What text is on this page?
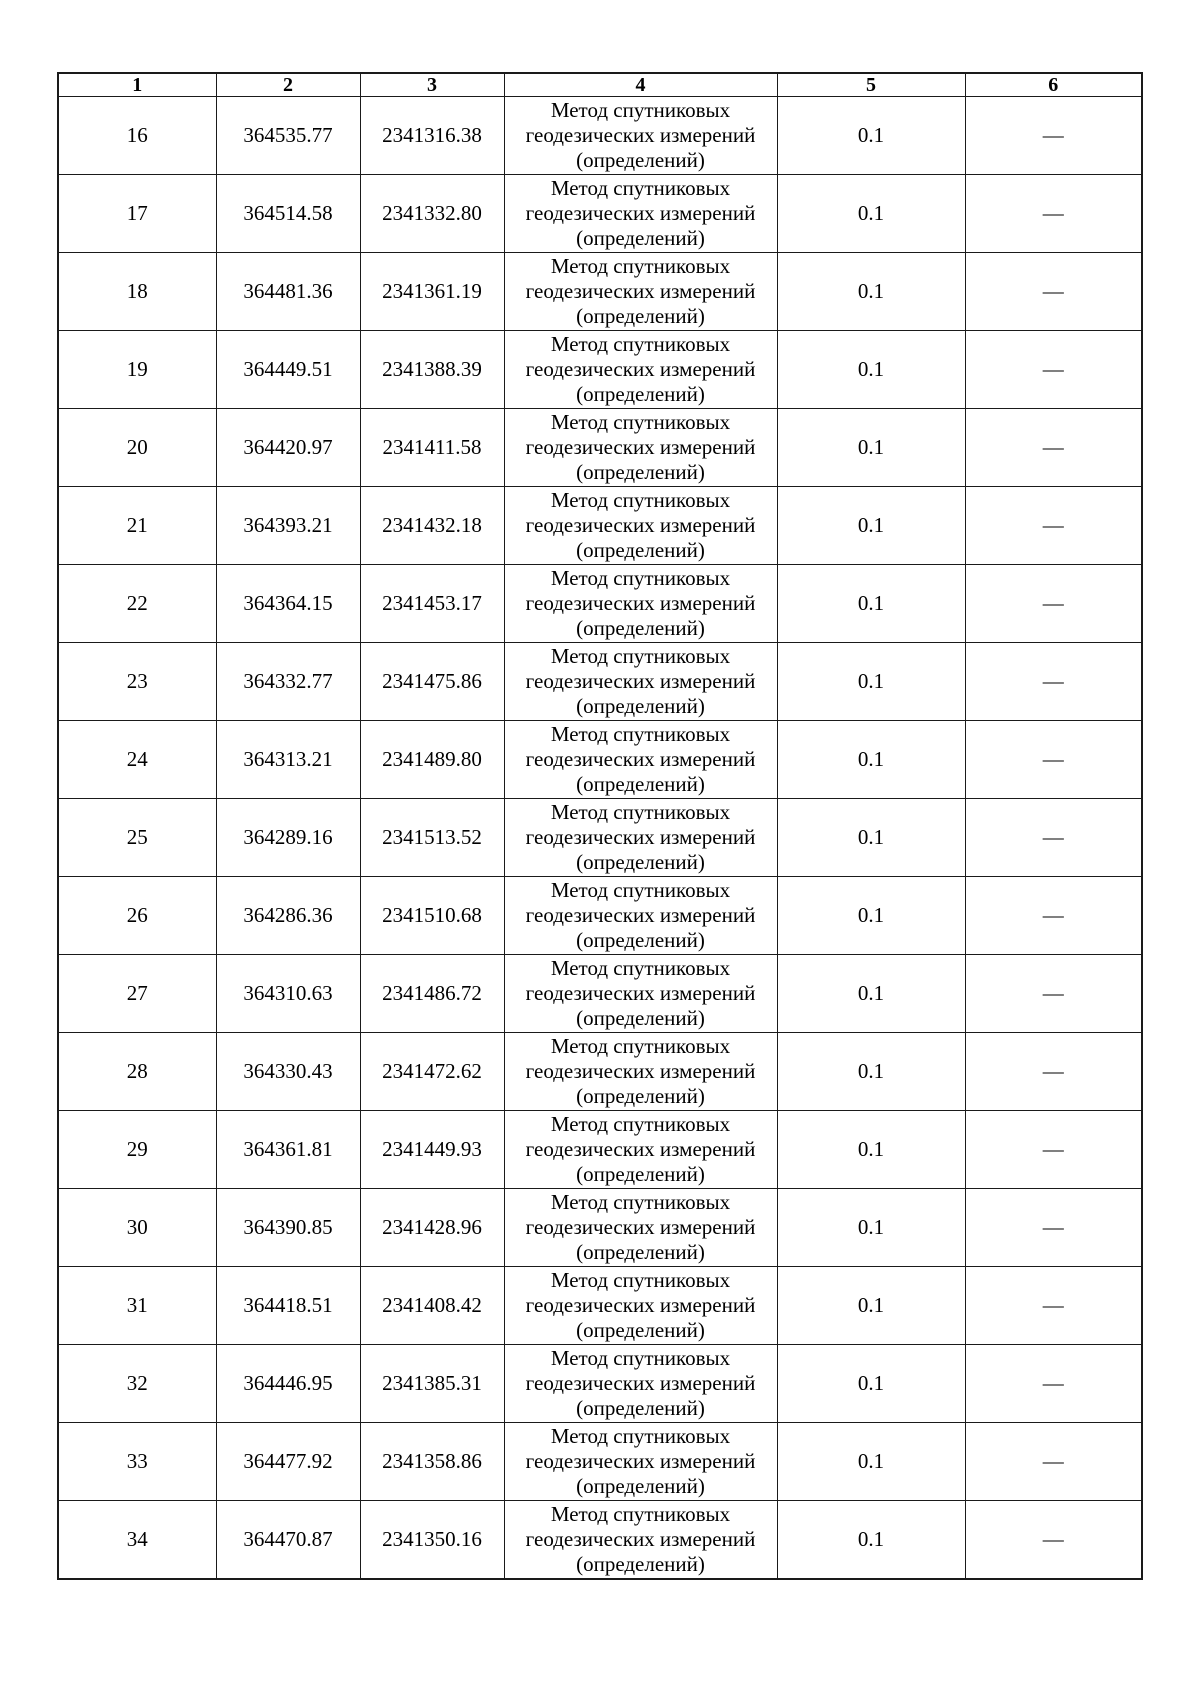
1	2	3	4	5	6
16	364535.77	2341316.38	Метод спутниковых
геодезических измерений
(определений)	0.1	—
17	364514.58	2341332.80	Метод спутниковых
геодезических измерений
(определений)	0.1	—
18	364481.36	2341361.19	Метод спутниковых
геодезических измерений
(определений)	0.1	—
19	364449.51	2341388.39	Метод спутниковых
геодезических измерений
(определений)	0.1	—
20	364420.97	2341411.58	Метод спутниковых
геодезических измерений
(определений)	0.1	—
21	364393.21	2341432.18	Метод спутниковых
геодезических измерений
(определений)	0.1	—
22	364364.15	2341453.17	Метод спутниковых
геодезических измерений
(определений)	0.1	—
23	364332.77	2341475.86	Метод спутниковых
геодезических измерений
(определений)	0.1	—
24	364313.21	2341489.80	Метод спутниковых
геодезических измерений
(определений)	0.1	—
25	364289.16	2341513.52	Метод спутниковых
геодезических измерений
(определений)	0.1	—
26	364286.36	2341510.68	Метод спутниковых
геодезических измерений
(определений)	0.1	—
27	364310.63	2341486.72	Метод спутниковых
геодезических измерений
(определений)	0.1	—
28	364330.43	2341472.62	Метод спутниковых
геодезических измерений
(определений)	0.1	—
29	364361.81	2341449.93	Метод спутниковых
геодезических измерений
(определений)	0.1	—
30	364390.85	2341428.96	Метод спутниковых
геодезических измерений
(определений)	0.1	—
31	364418.51	2341408.42	Метод спутниковых
геодезических измерений
(определений)	0.1	—
32	364446.95	2341385.31	Метод спутниковых
геодезических измерений
(определений)	0.1	—
33	364477.92	2341358.86	Метод спутниковых
геодезических измерений
(определений)	0.1	—
34	364470.87	2341350.16	Метод спутниковых
геодезических измерений
(определений)	0.1	—
